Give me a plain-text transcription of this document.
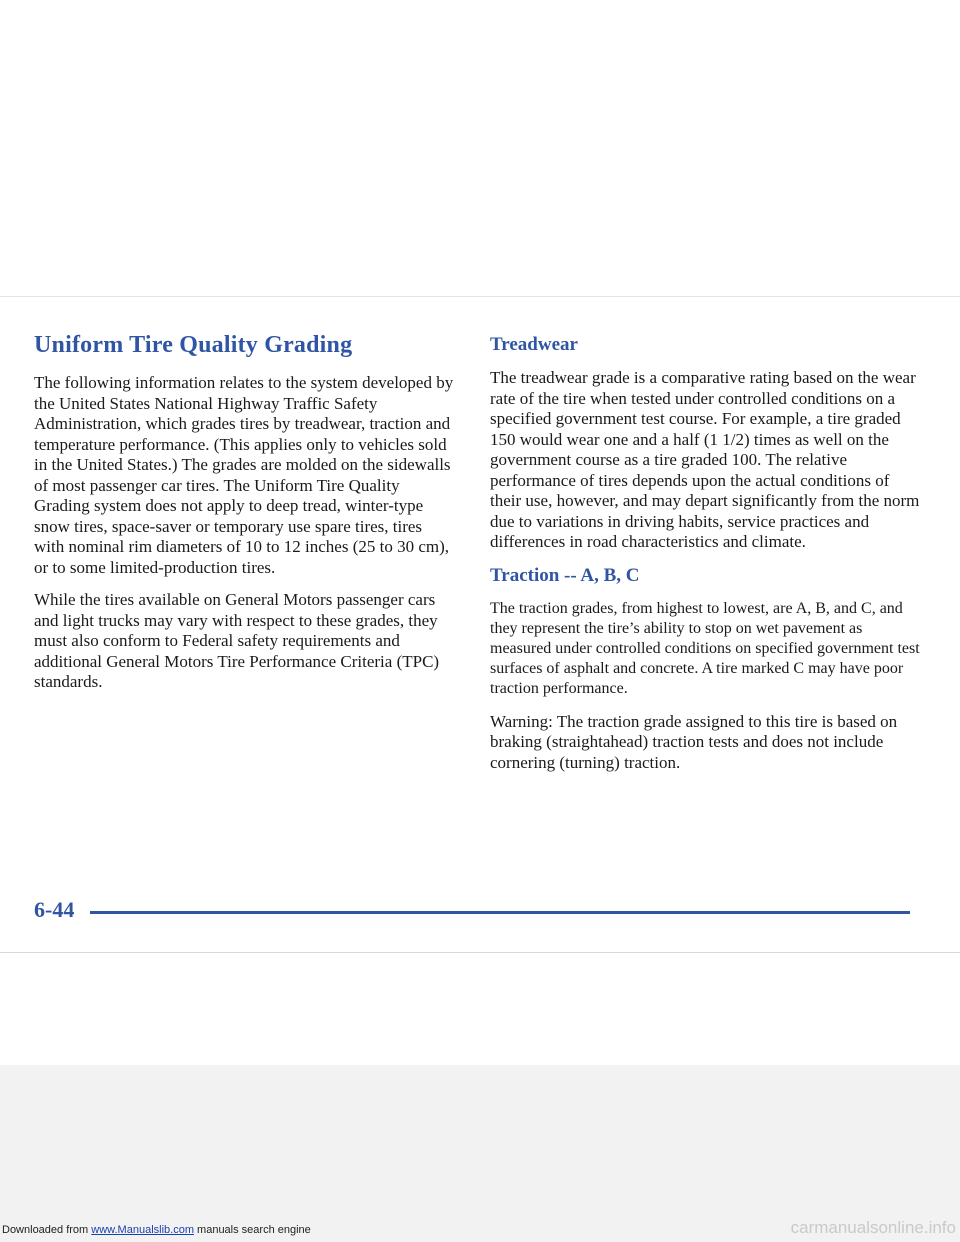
Uniform Tire Quality Grading

The following information relates to the system developed by the United States National Highway Traffic Safety Administration, which grades tires by treadwear, traction and temperature performance. (This applies only to vehicles sold in the United States.) The grades are molded on the sidewalls of most passenger car tires. The Uniform Tire Quality Grading system does not apply to deep tread, winter-type snow tires, space-saver or temporary use spare tires, tires with nominal rim diameters of 10 to 12 inches (25 to 30 cm), or to some limited-production tires.

While the tires available on General Motors passenger cars and light trucks may vary with respect to these grades, they must also conform to Federal safety requirements and additional General Motors Tire Performance Criteria (TPC) standards.

Treadwear

The treadwear grade is a comparative rating based on the wear rate of the tire when tested under controlled conditions on a specified government test course. For example, a tire graded 150 would wear one and a half (1 1/2) times as well on the government course as a tire graded 100. The relative performance of tires depends upon the actual conditions of their use, however, and may depart significantly from the norm due to variations in driving habits, service practices and differences in road characteristics and climate.

Traction -- A, B, C

The traction grades, from highest to lowest, are A, B, and C, and they represent the tire’s ability to stop on wet pavement as measured under controlled conditions on specified government test surfaces of asphalt and concrete. A tire marked C may have poor traction performance.

Warning: The traction grade assigned to this tire is based on braking (straightahead) traction tests and does not include cornering (turning) traction.

6-44
Downloaded from www.Manualslib.com manuals search engine	carmanualsonline.info
